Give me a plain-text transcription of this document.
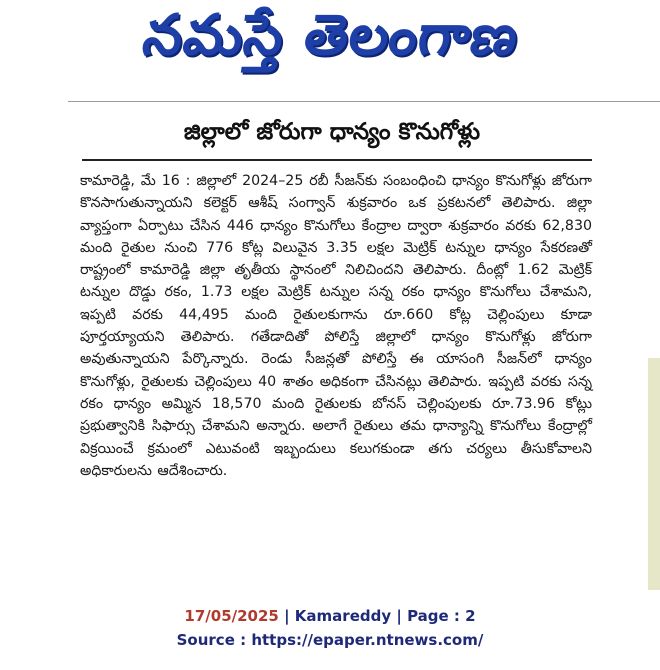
నమస్తే తెలంగాణ
జిల్లాలో జోరుగా ధాన్యం కొనుగోళ్లు
కామారెడ్డి, మే 16 : జిల్లాలో 2024–25 రబీ సీజన్‌కు సంబంధించి ధాన్యం కొనుగోళ్లు జోరుగా కొనసాగుతున్నాయని కలెక్టర్ ఆశీష్ సంగ్వాన్ శుక్రవారం ఒక ప్రకటనలో తెలిపారు. జిల్లా వ్యాప్తంగా ఏర్పాటు చేసిన 446 ధాన్యం కొనుగోలు కేంద్రాల ద్వారా శుక్రవారం వరకు 62,830 మంది రైతుల నుంచి 776 కోట్ల విలువైన 3.35 లక్షల మెట్రిక్ టన్నుల ధాన్యం సేకరణతో రాష్ట్రంలో కామారెడ్డి జిల్లా తృతీయ స్థానంలో నిలిచిందని తెలిపారు. దీంట్లో 1.62 మెట్రిక్ టన్నుల దొడ్డు రకం, 1.73 లక్షల మెట్రిక్ టన్నుల సన్న రకం ధాన్యం కొనుగోలు చేశామని, ఇప్పటి వరకు 44,495 మంది రైతులకుగాను రూ.660 కోట్ల చెల్లింపులు కూడా పూర్తయ్యాయని తెలిపారు. గతేడాదితో పోలిస్తే జిల్లాలో ధాన్యం కొనుగోళ్లు జోరుగా అవుతున్నాయని పేర్కొన్నారు. రెండు సీజన్లతో పోలిస్తే ఈ యాసంగి సీజన్‌లో ధాన్యం కొనుగోళ్లు, రైతులకు చెల్లింపులు 40 శాతం అధికంగా చేసినట్లు తెలిపారు. ఇప్పటి వరకు సన్న రకం ధాన్యం అమ్మిన 18,570 మంది రైతులకు బోనస్ చెల్లింపులకు రూ.73.96 కోట్లు ప్రభుత్వానికి సిఫార్సు చేశామని అన్నారు. అలాగే రైతులు తమ ధాన్యాన్ని కొనుగోలు కేంద్రాల్లో విక్రయించే క్రమంలో ఎటువంటి ఇబ్బందులు కలుగకుండా తగు చర్యలు తీసుకోవాలని అధికారులను ఆదేశించారు.
17/05/2025 | Kamareddy | Page : 2
Source : https://epaper.ntnews.com/
